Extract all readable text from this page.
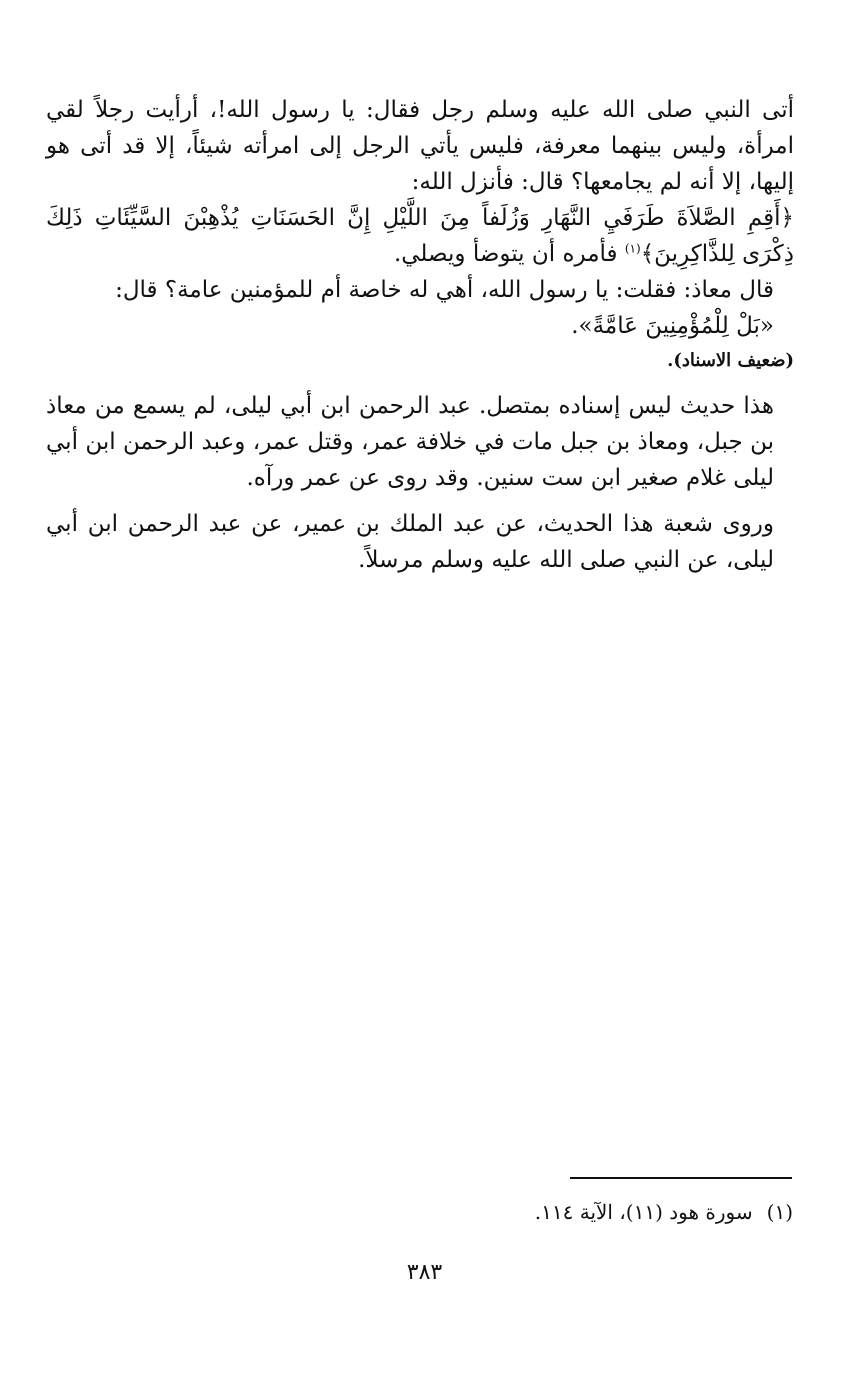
أتى النبي صلى الله عليه وسلم رجل فقال: يا رسول الله!، أرأيت رجلاً لقي امرأة، وليس بينهما معرفة، فليس يأتي الرجل إلى امرأته شيئاً، إلا قد أتى هو إليها، إلا أنه لم يجامعها؟ قال: فأنزل الله:

﴿أَقِمِ الصَّلاَةَ طَرَفَيِ النَّهَارِ وَزُلَفاً مِنَ اللَّيْلِ إِنَّ الحَسَنَاتِ يُذْهِبْنَ السَّيِّئَاتِ ذَلِكَ ذِكْرَى لِلذَّاكِرِينَ﴾$^{(١)}$ فأمره أن يتوضأ ويصلي.

قال معاذ: فقلت: يا رسول الله، أهي له خاصة أم للمؤمنين عامة؟ قال:

«بَلْ لِلْمُؤْمِنِينَ عَامَّةً».

(ضعيف الاسناد).

هذا حديث ليس إسناده بمتصل. عبد الرحمن ابن أبي ليلى، لم يسمع من معاذ بن جبل، ومعاذ بن جبل مات في خلافة عمر، وقتل عمر، وعبد الرحمن ابن أبي ليلى غلام صغير ابن ست سنين. وقد روى عن عمر ورآه.

وروى شعبة هذا الحديث، عن عبد الملك بن عمير، عن عبد الرحمن ابن أبي ليلى، عن النبي صلى الله عليه وسلم مرسلاً.

(١)سورة هود (١١)، الآية ١١٤.
٣٨٣
